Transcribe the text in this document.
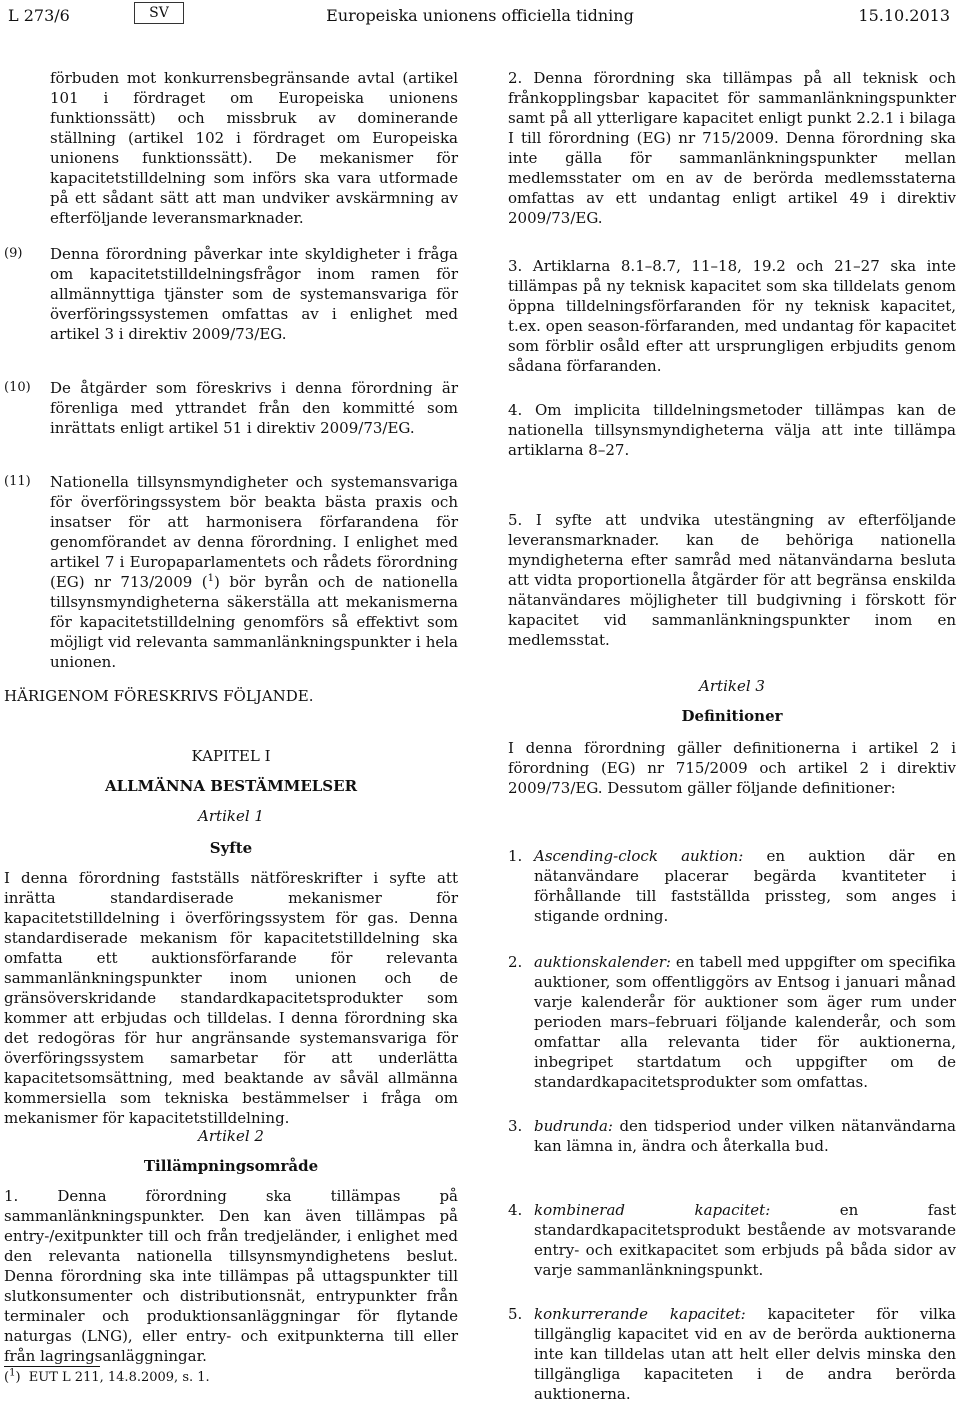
Europeiska unionens officiella tidning
L 273/6	SV	15.10.2013

förbuden mot konkurrensbegränsande avtal (artikel 101 i fördraget om Europeiska unionens funktionssätt) och missbruk av dominerande ställning (artikel 102 i fördraget om Europeiska unionens funktionssätt). De mekanismer för kapacitetstilldelning som införs ska vara utformade på ett sådant sätt att man undviker avskärmning av efterföljande leveransmarknader.

(9) Denna förordning påverkar inte skyldigheter i fråga om kapacitetstilldelningsfrågor inom ramen för allmännyttiga tjänster som de systemansvariga för överföringssystemen omfattas av i enlighet med artikel 3 i direktiv 2009/73/EG.

(10) De åtgärder som föreskrivs i denna förordning är förenliga med yttrandet från den kommitté som inrättats enligt artikel 51 i direktiv 2009/73/EG.

(11) Nationella tillsynsmyndigheter och systemansvariga för överföringssystem bör beakta bästa praxis och insatser för att harmonisera förfarandena för genomförandet av denna förordning. I enlighet med artikel 7 i Europaparlamentets och rådets förordning (EG) nr 713/2009 ($^1$) bör byrån och de nationella tillsynsmyndigheterna säkerställa att mekanismerna för kapacitetstilldelning genomförs så effektivt som möjligt vid relevanta sammanlänkningspunkter i hela unionen.

HÄRIGENOM FÖRESKRIVS FÖLJANDE.

KAPITEL I

ALLMÄNNA BESTÄMMELSER

Artikel 1

Syfte

I denna förordning fastställs nätföreskrifter i syfte att inrätta standardiserade mekanismer för kapacitetstilldelning i överföringssystem för gas. Denna standardiserade mekanism för kapacitetstilldelning ska omfatta ett auktionsförfarande för relevanta sammanlänkningspunkter inom unionen och de gränsöverskridande standardkapacitetsprodukter som kommer att erbjudas och tilldelas. I denna förordning ska det redogöras för hur angränsande systemansvariga för överföringssystem samarbetar för att underlätta kapacitetsomsättning, med beaktande av såväl allmänna kommersiella som tekniska bestämmelser i fråga om mekanismer för kapacitetstilldelning.

Artikel 2

Tillämpningsområde

1. Denna förordning ska tillämpas på sammanlänkningspunkter. Den kan även tillämpas på entry-/exitpunkter till och från tredjeländer, i enlighet med den relevanta nationella tillsynsmyndighetens beslut. Denna förordning ska inte tillämpas på uttagspunkter till slutkonsumenter och distributionsnät, entrypunkter från terminaler och produktionsanläggningar för flytande naturgas (LNG), eller entry- och exitpunkterna till eller från lagringsanläggningar.

($^1$)  EUT L 211, 14.8.2009, s. 1.

2. Denna förordning ska tillämpas på all teknisk och frånkopplingsbar kapacitet för sammanlänkningspunkter samt på all ytterligare kapacitet enligt punkt 2.2.1 i bilaga I till förordning (EG) nr 715/2009. Denna förordning ska inte gälla för sammanlänkningspunkter mellan medlemsstater om en av de berörda medlemsstaterna omfattas av ett undantag enligt artikel 49 i direktiv 2009/73/EG.

3. Artiklarna 8.1–8.7, 11–18, 19.2 och 21–27 ska inte tillämpas på ny teknisk kapacitet som ska tilldelats genom öppna tilldelningsförfaranden för ny teknisk kapacitet, t.ex. open season-förfaranden, med undantag för kapacitet som förblir osåld efter att ursprungligen erbjudits genom sådana förfaranden.

4. Om implicita tilldelningsmetoder tillämpas kan de nationella tillsynsmyndigheterna välja att inte tillämpa artiklarna 8–27.

5. I syfte att undvika utestängning av efterföljande leveransmarknader. kan de behöriga nationella myndigheterna efter samråd med nätanvändarna besluta att vidta proportionella åtgärder för att begränsa enskilda nätanvändares möjligheter till budgivning i förskott för kapacitet vid sammanlänkningspunkter inom en medlemsstat.

Artikel 3

Definitioner

I denna förordning gäller definitionerna i artikel 2 i förordning (EG) nr 715/2009 och artikel 2 i direktiv 2009/73/EG. Dessutom gäller följande definitioner:

1. Ascending-clock auktion: en auktion där en nätanvändare placerar begärda kvantiteter i förhållande till fastställda prissteg, som anges i stigande ordning.

2. auktionskalender: en tabell med uppgifter om specifika auktioner, som offentliggörs av Entsog i januari månad varje kalenderår för auktioner som äger rum under perioden mars–februari följande kalenderår, och som omfattar alla relevanta tider för auktionerna, inbegripet startdatum och uppgifter om de standardkapacitetsprodukter som omfattas.

3. budrunda: den tidsperiod under vilken nätanvändarna kan lämna in, ändra och återkalla bud.

4. kombinerad kapacitet: en fast standardkapacitetsprodukt bestående av motsvarande entry- och exitkapacitet som erbjuds på båda sidor av varje sammanlänkningspunkt.

5. konkurrerande kapacitet: kapaciteter för vilka tillgänglig kapacitet vid en av de berörda auktionerna inte kan tilldelas utan att helt eller delvis minska den tillgängliga kapaciteten i de andra berörda auktionerna.
